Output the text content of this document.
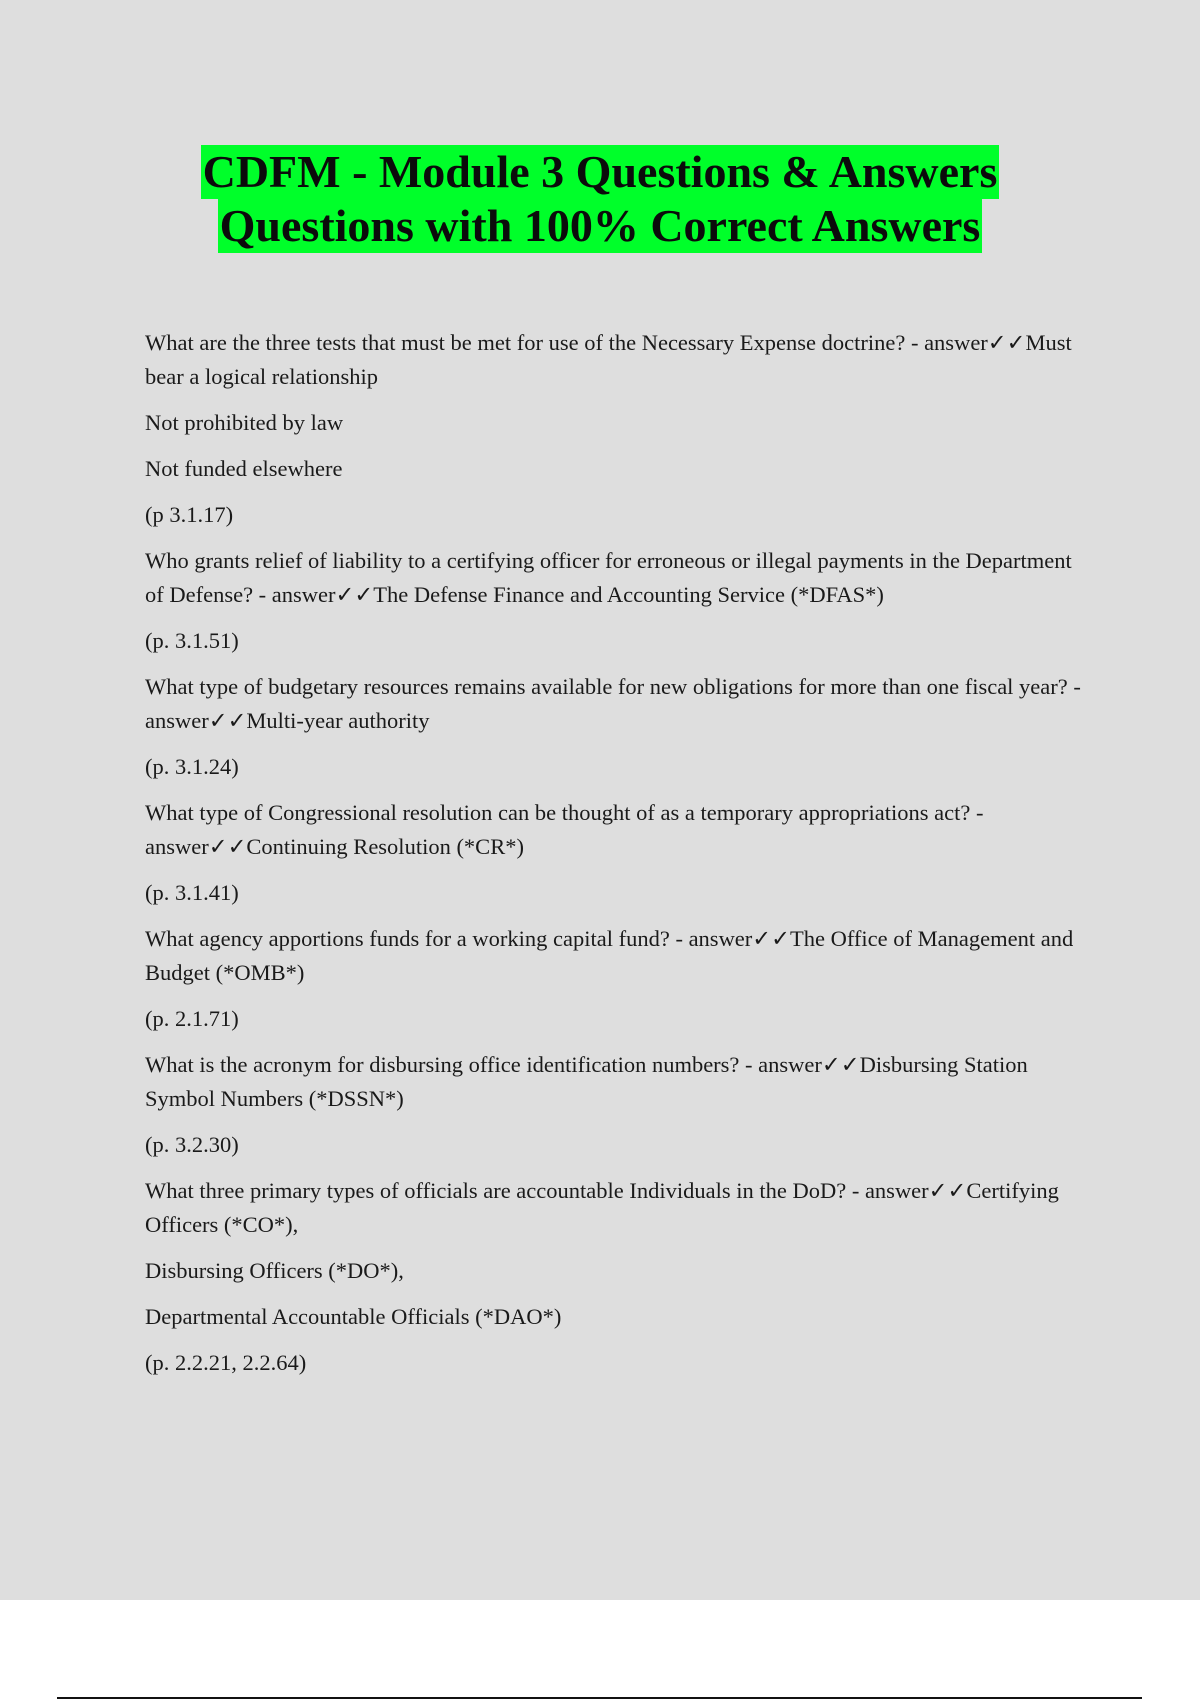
CDFM - Module 3 Questions & Answers
Questions with 100% Correct Answers

What are the three tests that must be met for use of the Necessary Expense doctrine? - answer✓✓Must bear a logical relationship

Not prohibited by law

Not funded elsewhere

(p 3.1.17)

Who grants relief of liability to a certifying officer for erroneous or illegal payments in the Department of Defense? - answer✓✓The Defense Finance and Accounting Service (*DFAS*)

(p. 3.1.51)

What type of budgetary resources remains available for new obligations for more than one fiscal year? - answer✓✓Multi-year authority

(p. 3.1.24)

What type of Congressional resolution can be thought of as a temporary appropriations act? - answer✓✓Continuing Resolution (*CR*)

(p. 3.1.41)

What agency apportions funds for a working capital fund? - answer✓✓The Office of Management and Budget (*OMB*)

(p. 2.1.71)

What is the acronym for disbursing office identification numbers? - answer✓✓Disbursing Station Symbol Numbers (*DSSN*)

(p. 3.2.30)

What three primary types of officials are accountable Individuals in the DoD? - answer✓✓Certifying Officers (*CO*),

Disbursing Officers (*DO*),

Departmental Accountable Officials (*DAO*)

(p. 2.2.21, 2.2.64)
